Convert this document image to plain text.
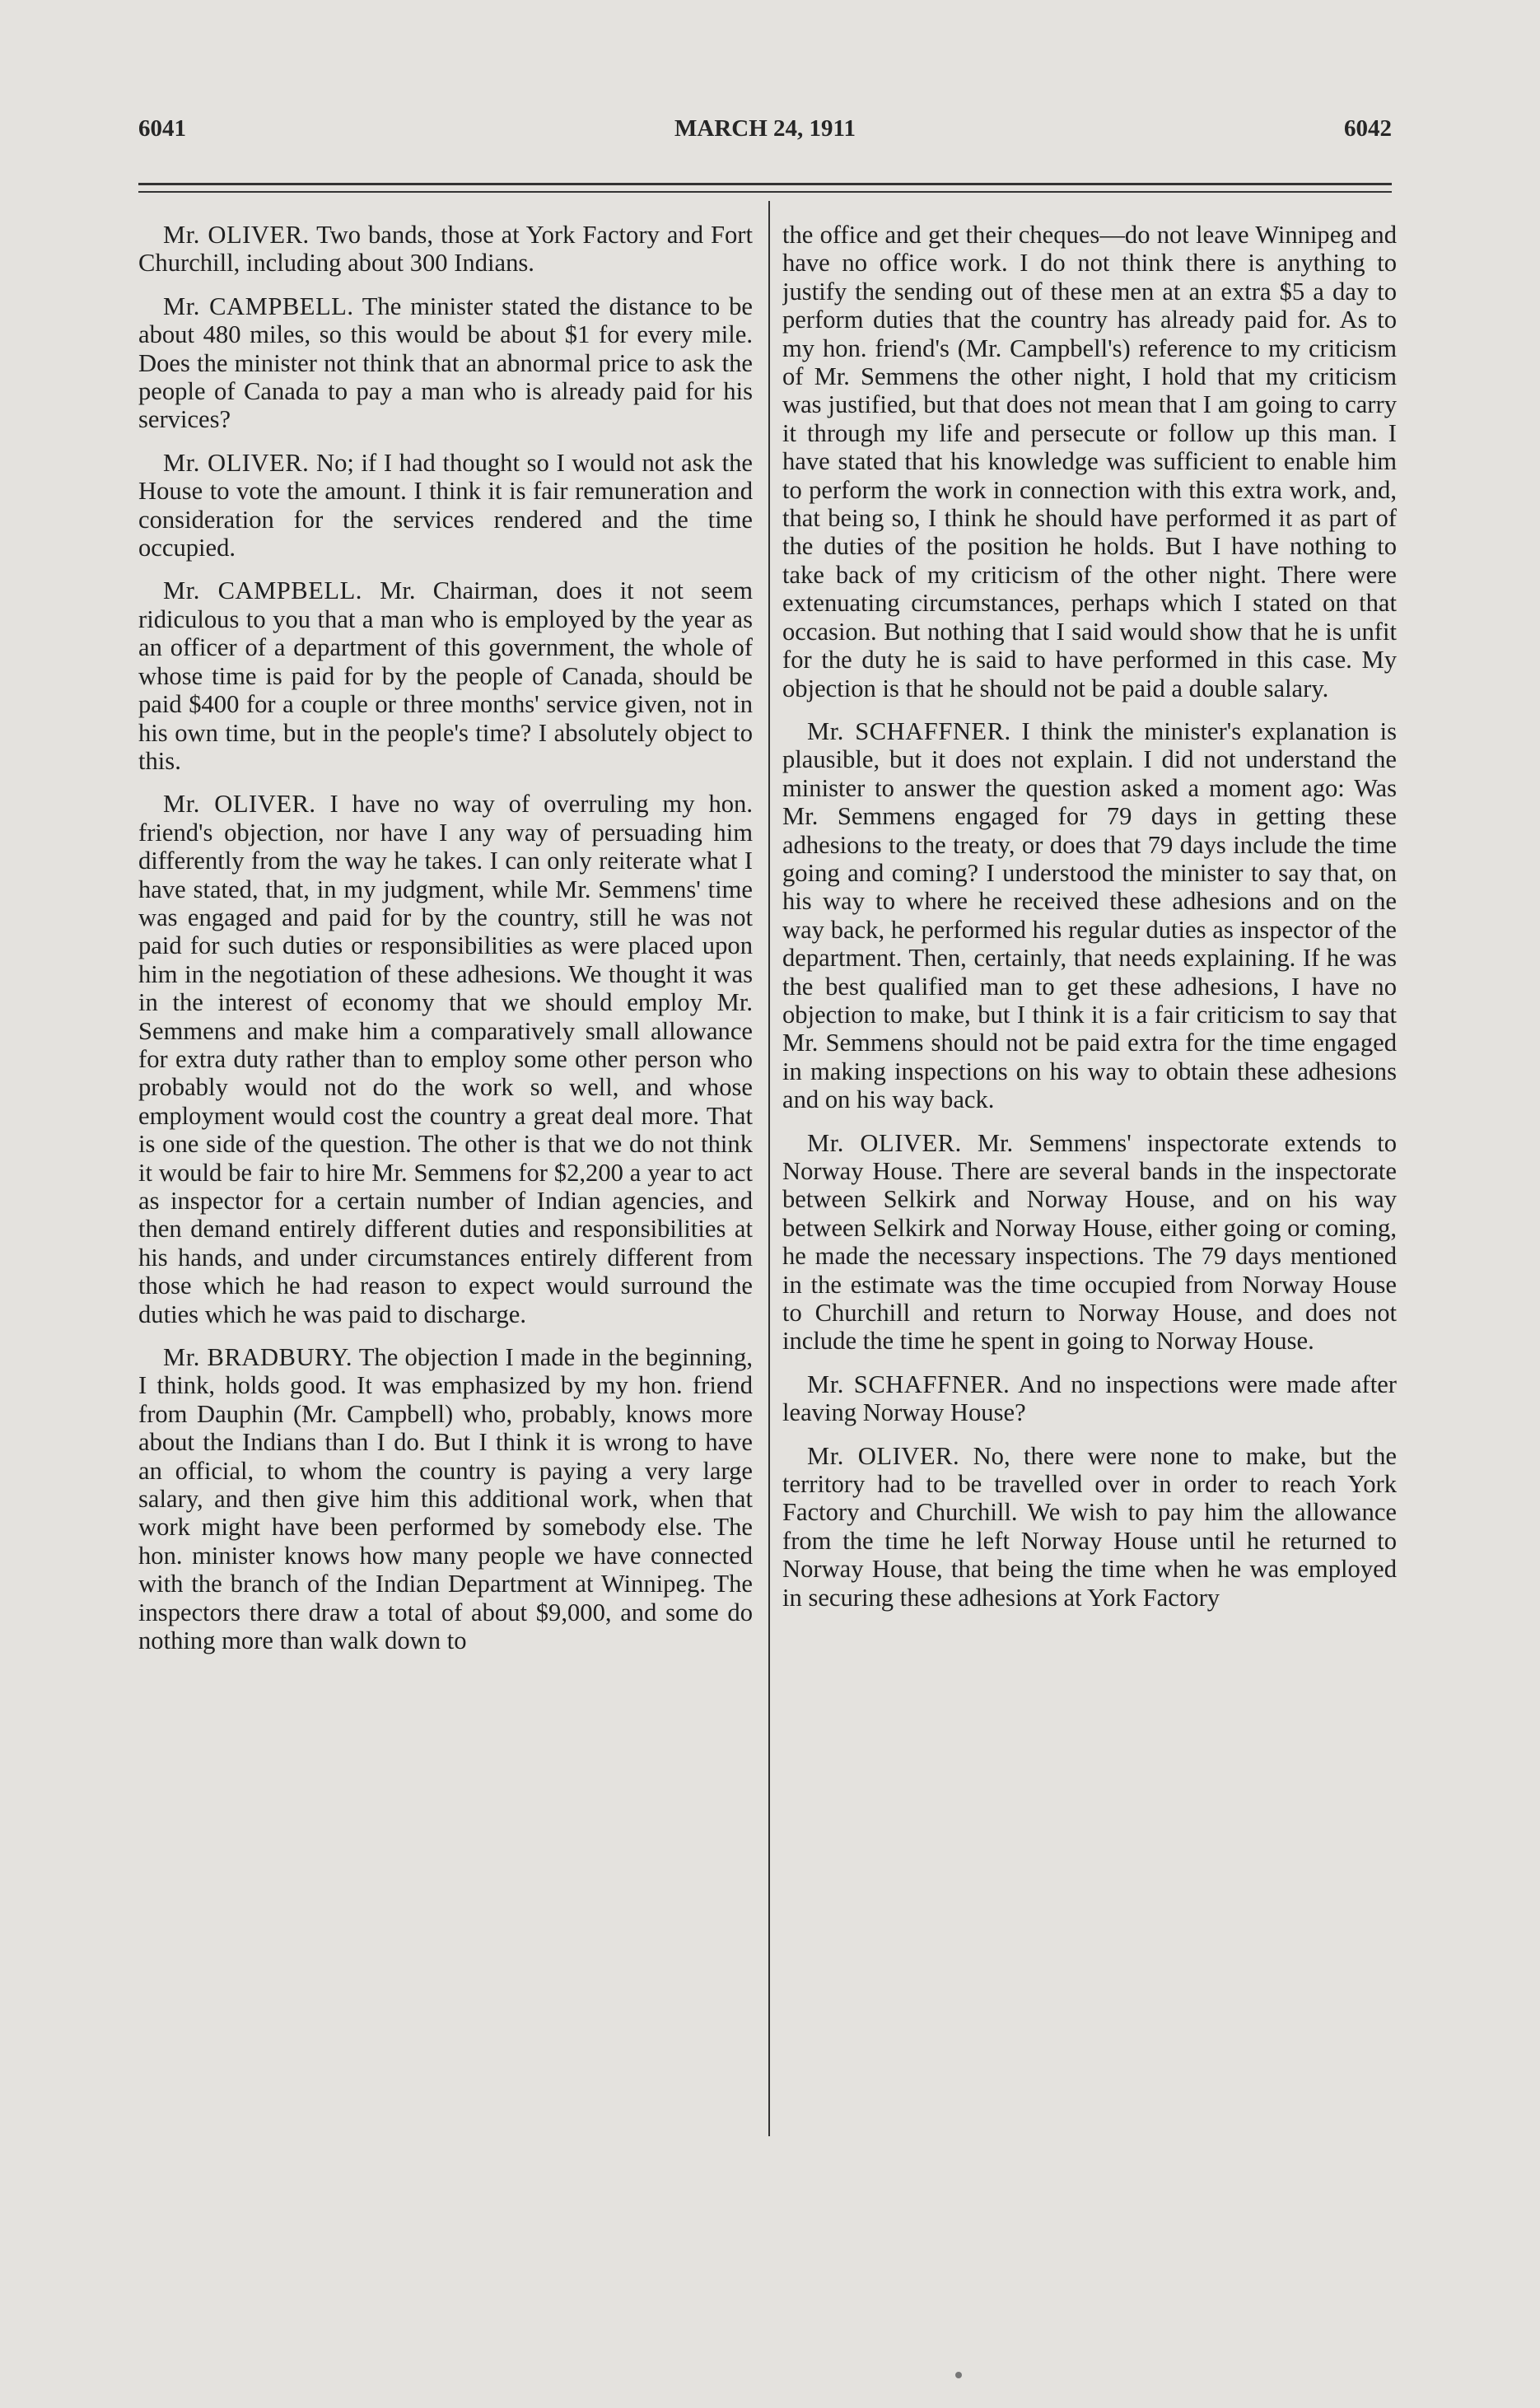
6041	MARCH 24, 1911	6042

Mr. OLIVER. Two bands, those at York Factory and Fort Churchill, including about 300 Indians.

Mr. CAMPBELL. The minister stated the distance to be about 480 miles, so this would be about $1 for every mile. Does the minister not think that an abnormal price to ask the people of Canada to pay a man who is already paid for his services?

Mr. OLIVER. No; if I had thought so I would not ask the House to vote the amount. I think it is fair remuneration and consideration for the services rendered and the time occupied.

Mr. CAMPBELL. Mr. Chairman, does it not seem ridiculous to you that a man who is employed by the year as an officer of a department of this government, the whole of whose time is paid for by the people of Canada, should be paid $400 for a couple or three months' service given, not in his own time, but in the people's time? I absolutely object to this.

Mr. OLIVER. I have no way of overruling my hon. friend's objection, nor have I any way of persuading him differently from the way he takes. I can only reiterate what I have stated, that, in my judgment, while Mr. Semmens' time was engaged and paid for by the country, still he was not paid for such duties or responsibilities as were placed upon him in the negotiation of these adhesions. We thought it was in the interest of economy that we should employ Mr. Semmens and make him a comparatively small allowance for extra duty rather than to employ some other person who probably would not do the work so well, and whose employment would cost the country a great deal more. That is one side of the question. The other is that we do not think it would be fair to hire Mr. Semmens for $2,200 a year to act as inspector for a certain number of Indian agencies, and then demand entirely different duties and responsibilities at his hands, and under circumstances entirely different from those which he had reason to expect would surround the duties which he was paid to discharge.

Mr. BRADBURY. The objection I made in the beginning, I think, holds good. It was emphasized by my hon. friend from Dauphin (Mr. Campbell) who, probably, knows more about the Indians than I do. But I think it is wrong to have an official, to whom the country is paying a very large salary, and then give him this additional work, when that work might have been performed by somebody else. The hon. minister knows how many people we have connected with the branch of the Indian Department at Winnipeg. The inspectors there draw a total of about $9,000, and some do nothing more than walk down to

the office and get their cheques—do not leave Winnipeg and have no office work. I do not think there is anything to justify the sending out of these men at an extra $5 a day to perform duties that the country has already paid for. As to my hon. friend's (Mr. Campbell's) reference to my criticism of Mr. Semmens the other night, I hold that my criticism was justified, but that does not mean that I am going to carry it through my life and persecute or follow up this man. I have stated that his knowledge was sufficient to enable him to perform the work in connection with this extra work, and, that being so, I think he should have performed it as part of the duties of the position he holds. But I have nothing to take back of my criticism of the other night. There were extenuating circumstances, perhaps which I stated on that occasion. But nothing that I said would show that he is unfit for the duty he is said to have performed in this case. My objection is that he should not be paid a double salary.

Mr. SCHAFFNER. I think the minister's explanation is plausible, but it does not explain. I did not understand the minister to answer the question asked a moment ago: Was Mr. Semmens engaged for 79 days in getting these adhesions to the treaty, or does that 79 days include the time going and coming? I understood the minister to say that, on his way to where he received these adhesions and on the way back, he performed his regular duties as inspector of the department. Then, certainly, that needs explaining. If he was the best qualified man to get these adhesions, I have no objection to make, but I think it is a fair criticism to say that Mr. Semmens should not be paid extra for the time engaged in making inspections on his way to obtain these adhesions and on his way back.

Mr. OLIVER. Mr. Semmens' inspectorate extends to Norway House. There are several bands in the inspectorate between Selkirk and Norway House, and on his way between Selkirk and Norway House, either going or coming, he made the necessary inspections. The 79 days mentioned in the estimate was the time occupied from Norway House to Churchill and return to Norway House, and does not include the time he spent in going to Norway House.

Mr. SCHAFFNER. And no inspections were made after leaving Norway House?

Mr. OLIVER. No, there were none to make, but the territory had to be travelled over in order to reach York Factory and Churchill. We wish to pay him the allowance from the time he left Norway House until he returned to Norway House, that being the time when he was employed in securing these adhesions at York Factory
